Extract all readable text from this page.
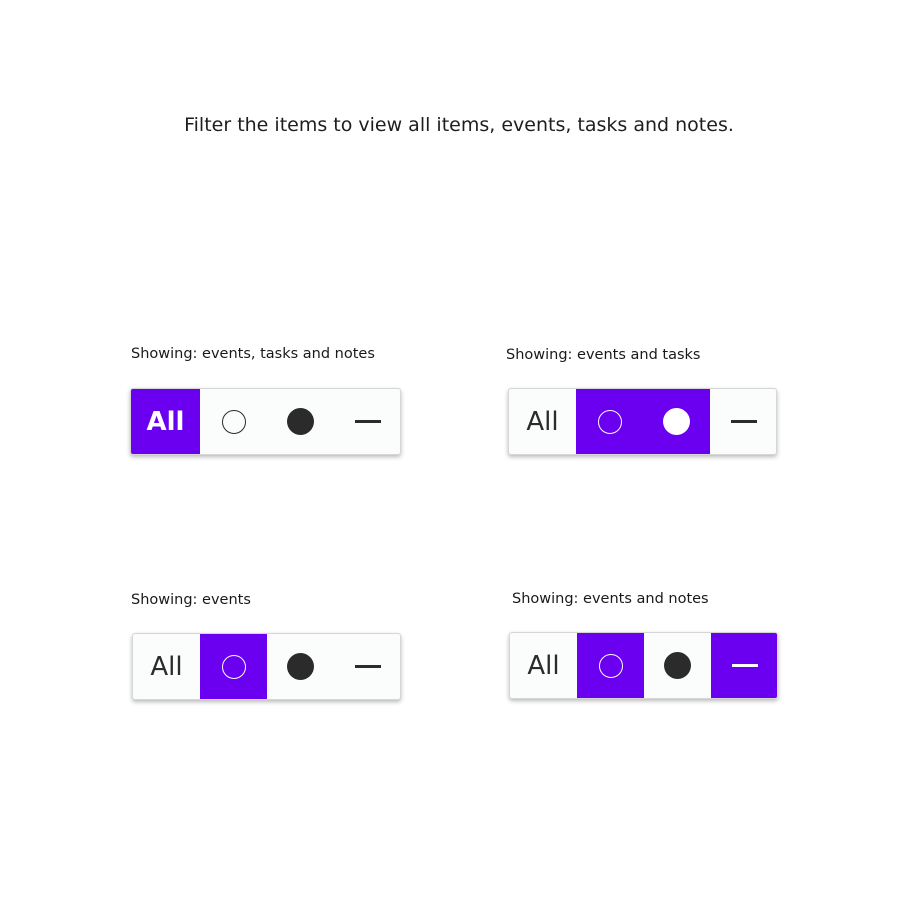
Filter the items to view all items, events, tasks and notes.
Showing: events, tasks and notes
All
Showing: events and tasks
All
Showing: events
All
Showing: events and notes
All
